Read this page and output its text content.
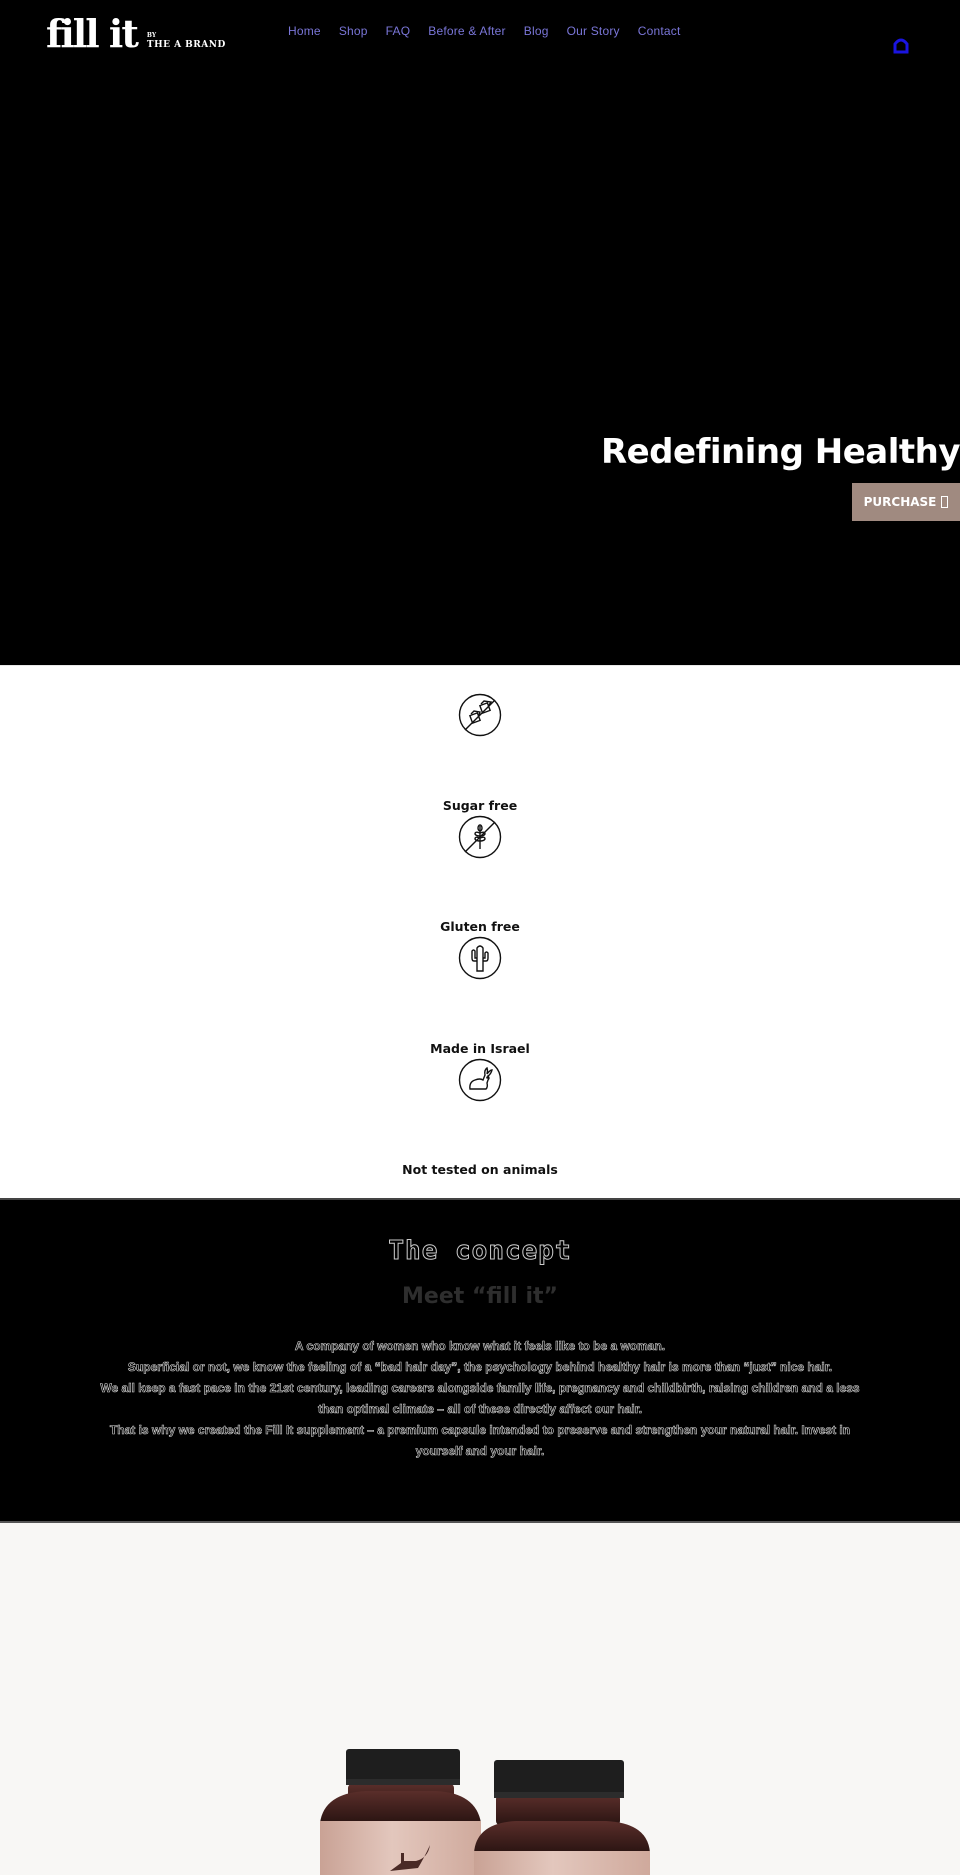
fill it BY
THE A BRAND
Home Shop FAQ Before & After Blog Our Story Contact
Redefining Healthy
PURCHASE
Sugar free
Gluten free
Made in Israel
Not tested on animals
The concept
Meet “fill it”

A company of women who know what it feels like to be a woman.

Superficial or not, we know the feeling of a “bad hair day”, the psychology behind healthy hair is more than “just” nice hair.

We all keep a fast pace in the 21st century, leading careers alongside family life, pregnancy and childbirth, raising children and a less than optimal climate – all of these directly affect our hair.

That is why we created the Fill It supplement – a premium capsule intended to preserve and strengthen your natural hair. Invest in yourself and your hair.
